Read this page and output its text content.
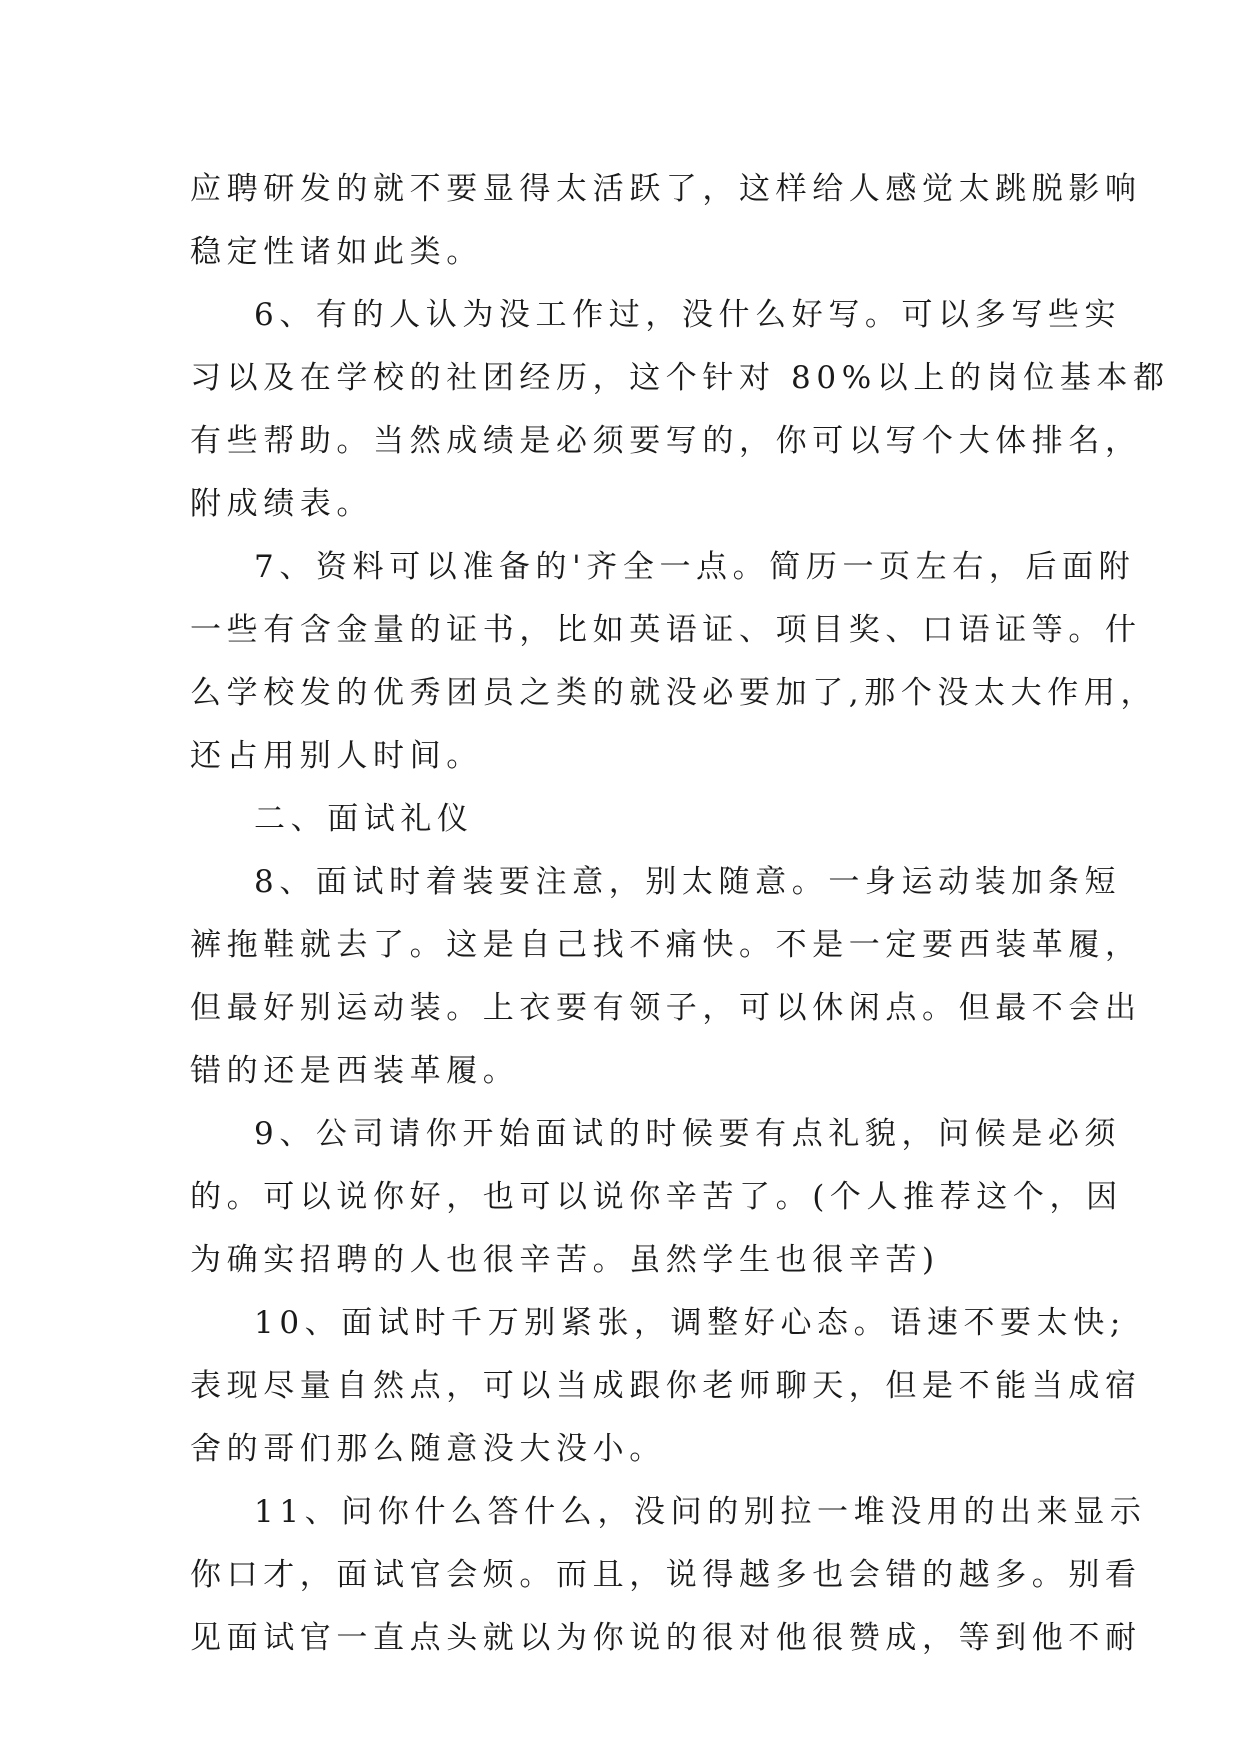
应聘研发的就不要显得太活跃了，这样给人感觉太跳脱影响
稳定性诸如此类。
6、有的人认为没工作过，没什么好写。可以多写些实
习以及在学校的社团经历，这个针对 80%以上的岗位基本都
有些帮助。当然成绩是必须要写的，你可以写个大体排名，
附成绩表。
7、资料可以准备的'齐全一点。简历一页左右，后面附
一些有含金量的证书，比如英语证、项目奖、口语证等。什
么学校发的优秀团员之类的就没必要加了,那个没太大作用，
还占用别人时间。
二、面试礼仪
8、面试时着装要注意，别太随意。一身运动装加条短
裤拖鞋就去了。这是自己找不痛快。不是一定要西装革履，
但最好别运动装。上衣要有领子，可以休闲点。但最不会出
错的还是西装革履。
9、公司请你开始面试的时候要有点礼貌，问候是必须
的。可以说你好，也可以说你辛苦了。(个人推荐这个，因
为确实招聘的人也很辛苦。虽然学生也很辛苦)
10、面试时千万别紧张，调整好心态。语速不要太快;
表现尽量自然点，可以当成跟你老师聊天，但是不能当成宿
舍的哥们那么随意没大没小。
11、问你什么答什么，没问的别拉一堆没用的出来显示
你口才，面试官会烦。而且，说得越多也会错的越多。别看
见面试官一直点头就以为你说的很对他很赞成，等到他不耐
